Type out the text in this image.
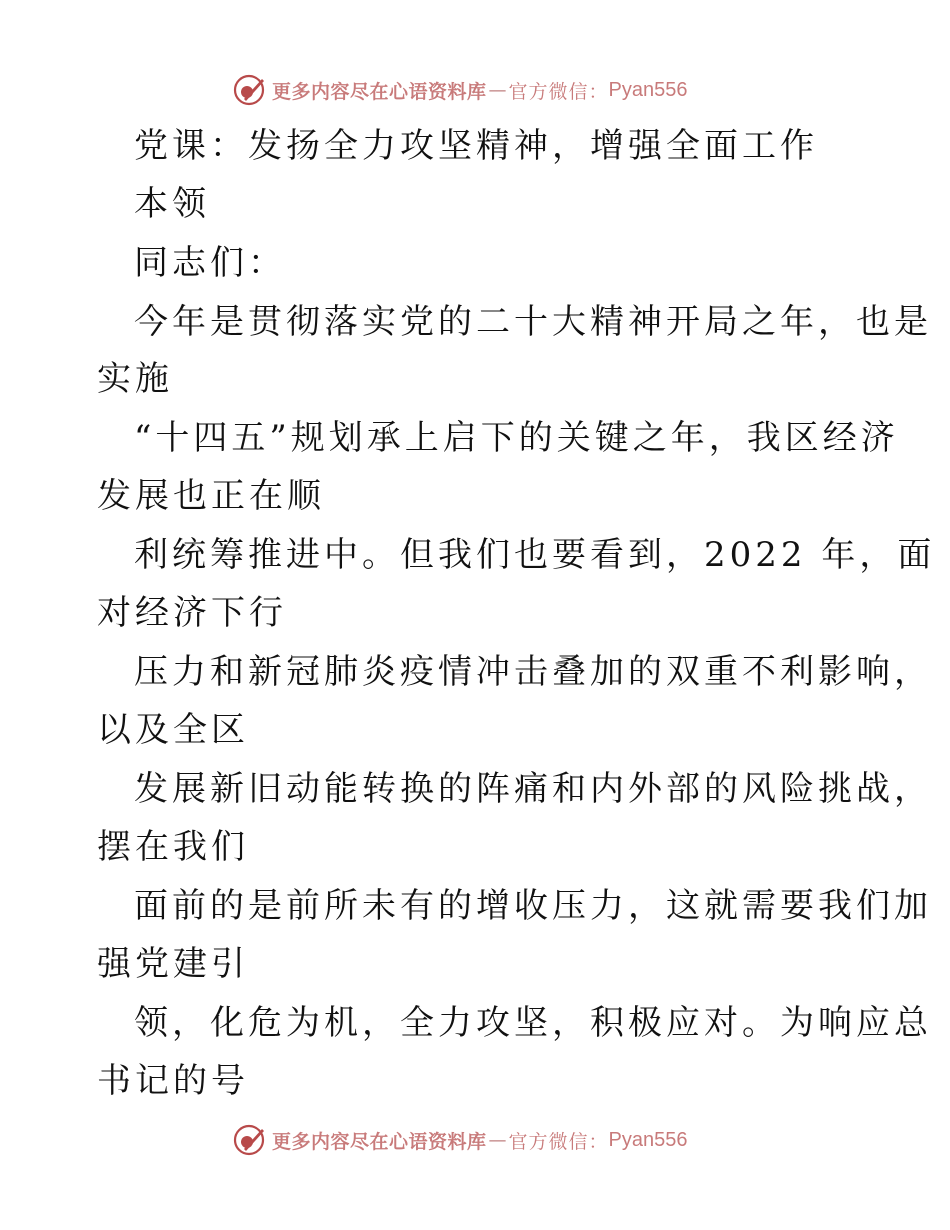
更多内容尽在心语资料库 — 官方微信： Pyan556
党课：发扬全力攻坚精神，增强全面工作
本领
同志们：
今年是贯彻落实党的二十大精神开局之年，也是
实施
“十四五”规划承上启下的关键之年，我区经济
发展也正在顺
利统筹推进中。但我们也要看到，2022 年，面
对经济下行
压力和新冠肺炎疫情冲击叠加的双重不利影响，
以及全区
发展新旧动能转换的阵痛和内外部的风险挑战，
摆在我们
面前的是前所未有的增收压力，这就需要我们加
强党建引
领，化危为机，全力攻坚，积极应对。为响应总
书记的号
更多内容尽在心语资料库 — 官方微信： Pyan556
